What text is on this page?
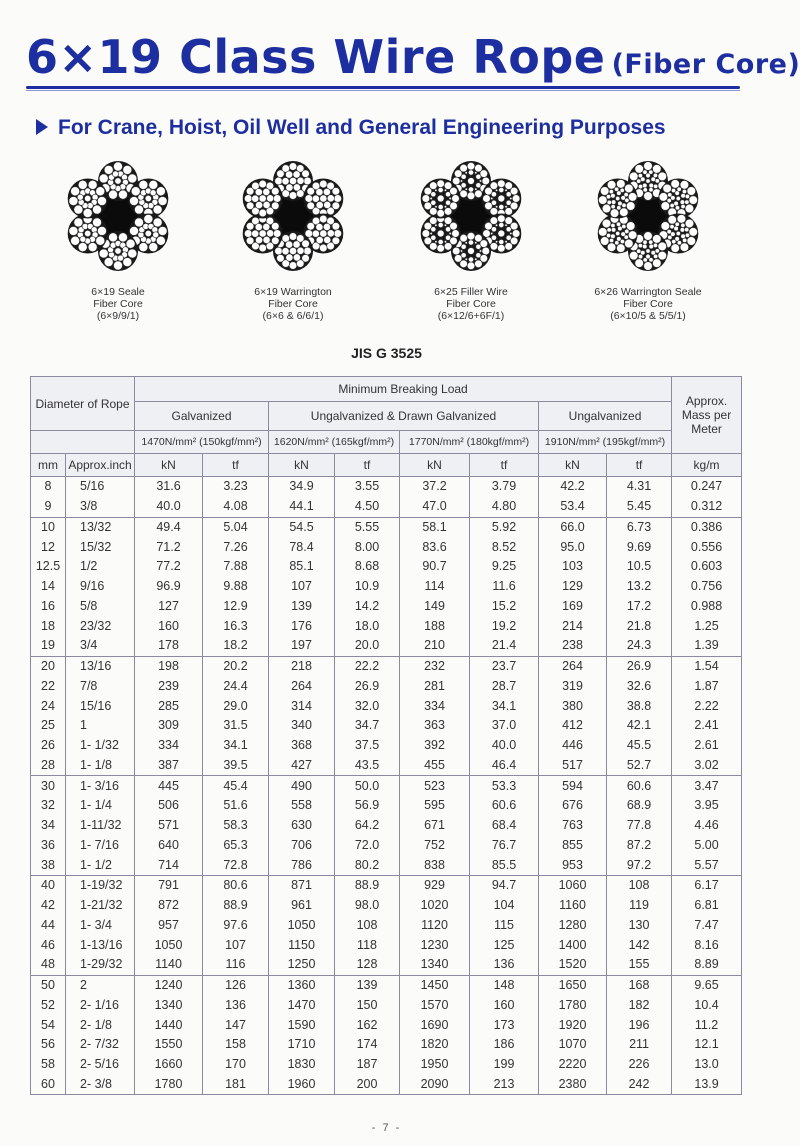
6×19 Class Wire Rope (Fiber Core)
For Crane, Hoist, Oil Well and General Engineering Purposes
6×19 Seale
Fiber Core
(6×9/9/1)
6×19 Warrington
Fiber Core
(6×6 & 6/6/1)
6×25 Filler Wire
Fiber Core
(6×12/6+6F/1)
6×26 Warrington Seale
Fiber Core
(6×10/5 & 5/5/1)
JIS G 3525
Diameter of Rope		Minimum Breaking Load								Approx. Mass per Meter
		Galvanized		Ungalvanized & Drawn Galvanized				Ungalvanized		
		1470N/mm² (150kgf/mm²)		1620N/mm² (165kgf/mm²)		1770N/mm² (180kgf/mm²)		1910N/mm² (195kgf/mm²)		
mm	Approx.inch	kN	tf	kN	tf	kN	tf	kN	tf	kg/m
8	5/16	31.6	3.23	34.9	3.55	37.2	3.79	42.2	4.31	0.247
9	3/8	40.0	4.08	44.1	4.50	47.0	4.80	53.4	5.45	0.312
10	13/32	49.4	5.04	54.5	5.55	58.1	5.92	66.0	6.73	0.386
12	15/32	71.2	7.26	78.4	8.00	83.6	8.52	95.0	9.69	0.556
12.5	1/2	77.2	7.88	85.1	8.68	90.7	9.25	103	10.5	0.603
14	9/16	96.9	9.88	107	10.9	114	11.6	129	13.2	0.756
16	5/8	127	12.9	139	14.2	149	15.2	169	17.2	0.988
18	23/32	160	16.3	176	18.0	188	19.2	214	21.8	1.25
19	3/4	178	18.2	197	20.0	210	21.4	238	24.3	1.39
20	13/16	198	20.2	218	22.2	232	23.7	264	26.9	1.54
22	7/8	239	24.4	264	26.9	281	28.7	319	32.6	1.87
24	15/16	285	29.0	314	32.0	334	34.1	380	38.8	2.22
25	1	309	31.5	340	34.7	363	37.0	412	42.1	2.41
26	1- 1/32	334	34.1	368	37.5	392	40.0	446	45.5	2.61
28	1- 1/8	387	39.5	427	43.5	455	46.4	517	52.7	3.02
30	1- 3/16	445	45.4	490	50.0	523	53.3	594	60.6	3.47
32	1- 1/4	506	51.6	558	56.9	595	60.6	676	68.9	3.95
34	1-11/32	571	58.3	630	64.2	671	68.4	763	77.8	4.46
36	1- 7/16	640	65.3	706	72.0	752	76.7	855	87.2	5.00
38	1- 1/2	714	72.8	786	80.2	838	85.5	953	97.2	5.57
40	1-19/32	791	80.6	871	88.9	929	94.7	1060	108	6.17
42	1-21/32	872	88.9	961	98.0	1020	104	1160	119	6.81
44	1- 3/4	957	97.6	1050	108	1120	115	1280	130	7.47
46	1-13/16	1050	107	1150	118	1230	125	1400	142	8.16
48	1-29/32	1140	116	1250	128	1340	136	1520	155	8.89
50	2	1240	126	1360	139	1450	148	1650	168	9.65
52	2- 1/16	1340	136	1470	150	1570	160	1780	182	10.4
54	2- 1/8	1440	147	1590	162	1690	173	1920	196	11.2
56	2- 7/32	1550	158	1710	174	1820	186	1070	211	12.1
58	2- 5/16	1660	170	1830	187	1950	199	2220	226	13.0
60	2- 3/8	1780	181	1960	200	2090	213	2380	242	13.9
- 7 -
